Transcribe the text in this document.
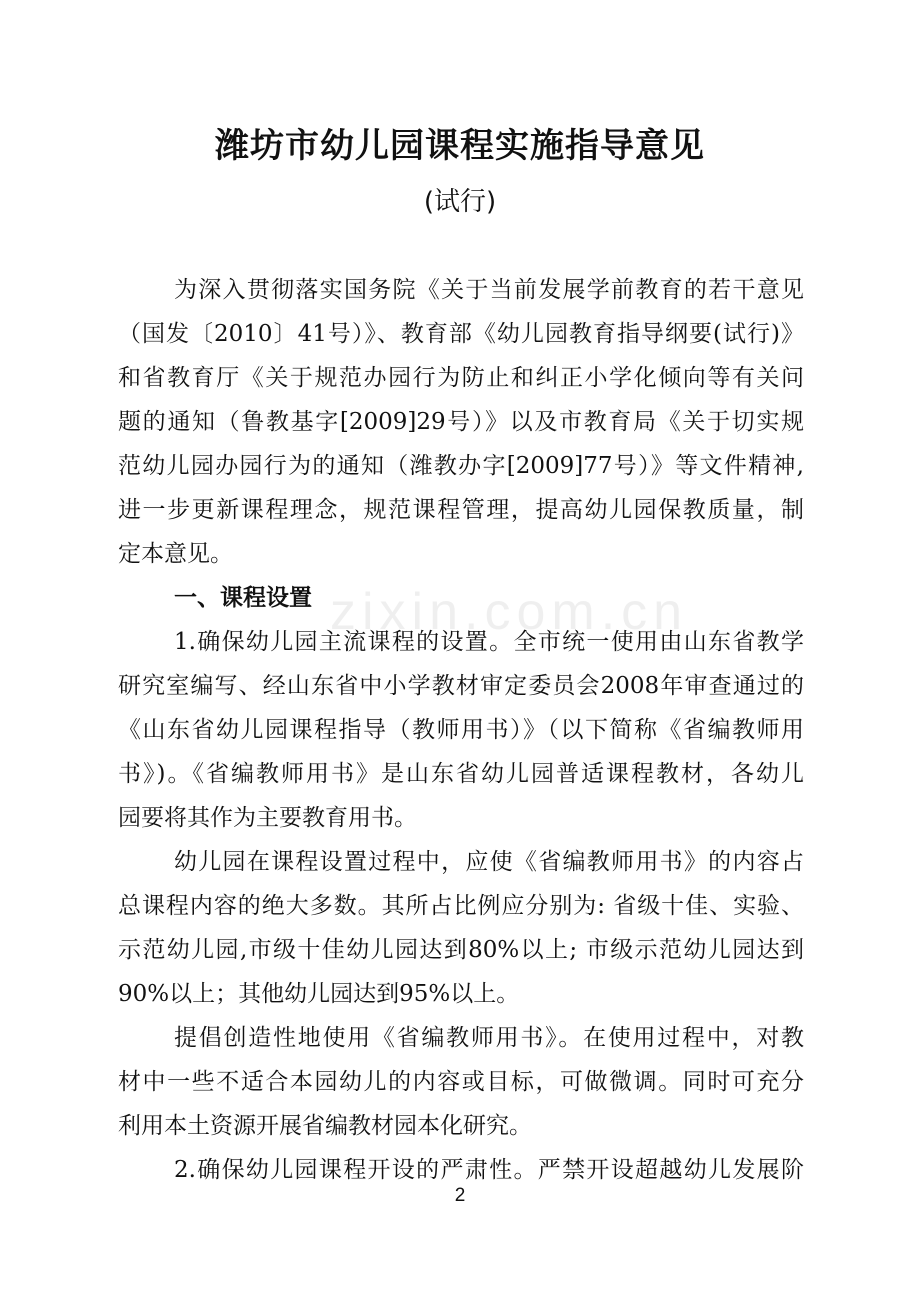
zixin.com.cn
潍坊市幼儿园课程实施指导意见
(试行)
为深入贯彻落实国务院《关于当前发展学前教育的若干意见
（国发〔2010〕41号）》、教育部《幼儿园教育指导纲要(试行)》
和省教育厅《关于规范办园行为防止和纠正小学化倾向等有关问
题的通知（鲁教基字[2009]29号）》以及市教育局《关于切实规
范幼儿园办园行为的通知（潍教办字[2009]77号）》等文件精神,
进一步更新课程理念，规范课程管理，提高幼儿园保教质量，制
定本意见。
一、课程设置
1.确保幼儿园主流课程的设置。全市统一使用由山东省教学
研究室编写、经山东省中小学教材审定委员会2008年审查通过的
《山东省幼儿园课程指导（教师用书）》（以下简称《省编教师用
书》)。《省编教师用书》是山东省幼儿园普适课程教材，各幼儿
园要将其作为主要教育用书。
幼儿园在课程设置过程中，应使《省编教师用书》的内容占
总课程内容的绝大多数。其所占比例应分别为: 省级十佳、实验、
示范幼儿园,市级十佳幼儿园达到80%以上; 市级示范幼儿园达到
90%以上；其他幼儿园达到95%以上。
提倡创造性地使用《省编教师用书》。在使用过程中，对教
材中一些不适合本园幼儿的内容或目标，可做微调。同时可充分
利用本土资源开展省编教材园本化研究。
2.确保幼儿园课程开设的严肃性。严禁开设超越幼儿发展阶
2
